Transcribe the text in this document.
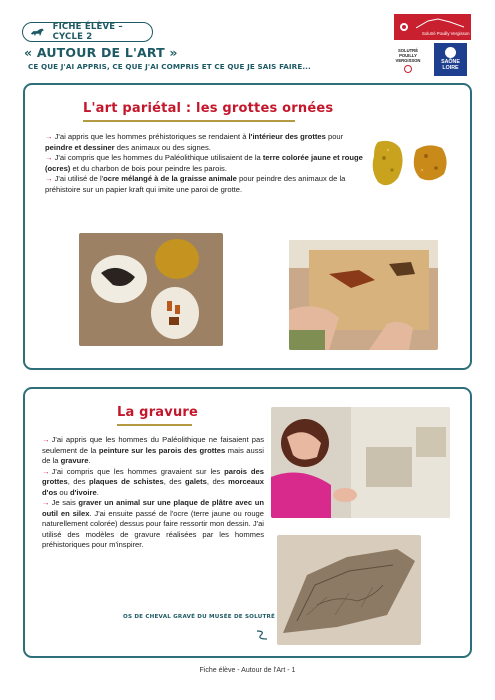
FICHE ÉLÈVE – CYCLE 2
« AUTOUR DE L'ART »
CE QUE J'AI APPRIS, CE QUE J'AI COMPRIS ET CE QUE JE SAIS FAIRE...
Solutré Pouilly Vergisson
SOLUTRÉ
POUILLY
VERGISSON	SAÔNE
LOIRE
L'art pariétal : les grottes ornées
→ J'ai appris que les hommes préhistoriques se rendaient à l'intérieur des grottes pour peindre et dessiner des animaux ou des signes.
→ J'ai compris que les hommes du Paléolithique utilisaient de la terre colorée jaune et rouge (ocres) et du charbon de bois pour peindre les parois.
→ J'ai utilisé de l'ocre mélangé à de la graisse animale pour peindre des animaux de la préhistoire sur un papier kraft qui imite une paroi de grotte.
La gravure
→ J'ai appris que les hommes du Paléolithique ne faisaient pas seulement de la peinture sur les parois des grottes mais aussi de la gravure.
→ J'ai compris que les hommes gravaient sur les parois des grottes, des plaques de schistes, des galets, des morceaux d'os ou d'ivoire.
→ Je sais graver un animal sur une plaque de plâtre avec un outil en silex. J'ai ensuite passé de l'ocre (terre jaune ou rouge naturellement colorée) dessus pour faire ressortir mon dessin. J'ai utilisé des modèles de gravure réalisées par les hommes préhistoriques pour m'inspirer.
OS DE CHEVAL GRAVÉ DU MUSÉE DE SOLUTRÉ
Fiche élève - Autour de l'Art - 1
